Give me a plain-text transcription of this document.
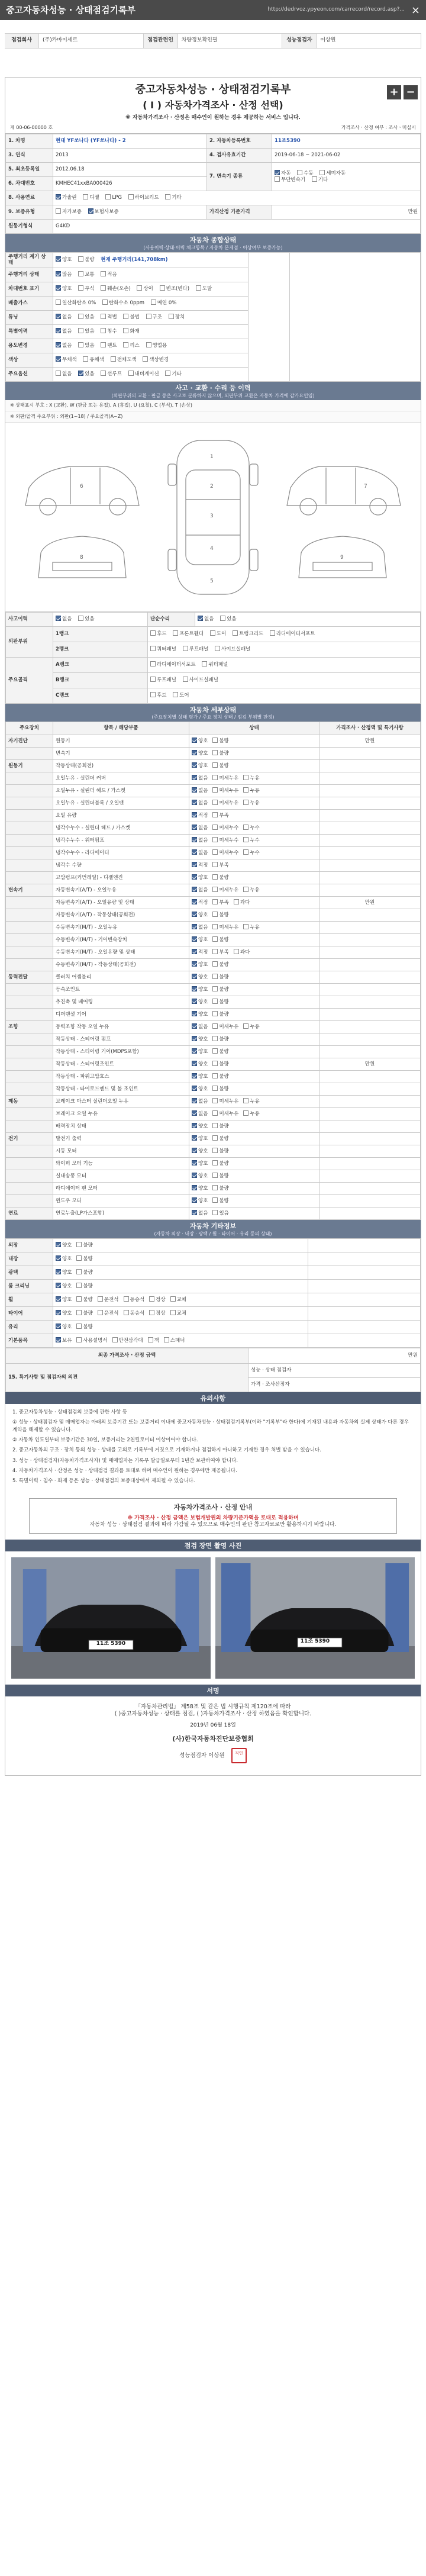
중고자동차성능 · 상태점검기록부	http://dedrvoz.ypyeon.com/carrecord/record.asp?... ×
점검회사	(주)카마이세르	점검관련인	차량정보확인필	성능점검자	이상원
+ −
중고자동차성능 · 상태점검기록부
( Ⅰ ) 자동차가격조사 · 산정 선택)
※ 자동차가격조사 · 산정은 매수인이 원하는 경우 제공하는 서비스 입니다.
제 00-06-00000 호	가격조사 · 산정 여부 : 조사ㆍ미실시
1. 차명	현대 YF쏘나타 (YF쏘나타) - 2	2. 자동차등록번호	11조5390
3. 연식	2013	4. 검사유효기간	2019-06-18 ~ 2021-06-02
5. 최초등록일	2012.06.18	7. 변속기 종류	자동 수동 세미자동
무단변속기 기타
6. 차대번호	KMHEC41xxBA000426		
8. 사용연료	가솔린 디젤 LPG 하이브리드 기타		
9. 보증유형	자가보증 보험사보증	가격산정 기준가격	만원
원동기형식	G4KD		
자동차 종합상태
(사용이력·상태·이력 체크항목 / 자동차 문제점 · 이상여부 보증가능)
주행거리 계기 상태	양호 불량 현재 주행거리(141,708km)		
주행거리 상태	많음 보통 적음		
차대번호 표기	양호 부식 훼손(오손) 상이 변조(변타) 도말		
배출가스	일산화탄소 0% 탄화수소 0ppm 매연 0%		
튜닝	없음 있음 적법 불법 구조 장치		
특별이력	없음 있음 침수 화재		
용도변경	없음 있음 렌트 리스 영업용		
색상	무채색 유채색 전체도색 색상변경		
주요옵션	없음 있음 선루프 내비게이션 기타		
사고 · 교환 · 수리 등 이력
(외판부위의 교환 · 판금 등은 사고로 분류하지 않으며, 외판부위 교환은 자동차 가격에 감가요인임)
※ 상태표시 부호 : X (교환), W (판금 또는 용접), A (흠집), U (요철), C (부식), T (손상)
※ 외판/골격 주요부위 : 외판(1~18) / 주요골격(A~Z)
1
2
3
4
5
6	7
8	9
사고이력	없음 있음	단순수리	없음 있음
외판부위	1랭크	후드 프론트휀더 도어 트렁크리드 라디에이터서포트	
	2랭크	쿼터패널 루프패널 사이드실패널	
주요골격	A랭크	라디에이터서포트 쿼터패널	
	B랭크	루프패널 사이드실패널	
	C랭크	후드 도어	
자동차 세부상태
(주요장치별 상태 평가 / 주요 장치 상태 / 점검 부위별 판정)
주요장치	항목 / 해당부품	상태	가격조사 · 산정액 및 특기사항
자기진단	원동기	양호 불량	만원
	변속기	양호 불량	
원동기	작동상태(공회전)	양호 불량	
	오일누유 - 실린더 커버	없음 미세누유 누유	
	오일누유 - 실린더 헤드 / 가스켓	없음 미세누유 누유	
	오일누유 - 실린더블록 / 오일팬	없음 미세누유 누유	
	오일 유량	적정 부족	
	냉각수누수 - 실린더 헤드 / 가스켓	없음 미세누수 누수	
	냉각수누수 - 워터펌프	없음 미세누수 누수	
	냉각수누수 - 라디에이터	없음 미세누수 누수	
	냉각수 수량	적정 부족	
	고압펌프(커먼레일) - 디젤엔진	양호 불량	
변속기	자동변속기(A/T) - 오일누유	없음 미세누유 누유	
	자동변속기(A/T) - 오일유량 및 상태	적정 부족 과다	만원
	자동변속기(A/T) - 작동상태(공회전)	양호 불량	
	수동변속기(M/T) - 오일누유	없음 미세누유 누유	
	수동변속기(M/T) - 기어변속장치	양호 불량	
	수동변속기(M/T) - 오일유량 및 상태	적정 부족 과다	
	수동변속기(M/T) - 작동상태(공회전)	양호 불량	
동력전달	클러치 어셈블리	양호 불량	
	등속조인트	양호 불량	
	추진축 및 베어링	양호 불량	
	디퍼렌셜 기어	양호 불량	
조향	동력조향 작동 오일 누유	없음 미세누유 누유	
	작동상태 - 스티어링 펌프	양호 불량	
	작동상태 - 스티어링 기어(MDPS포함)	양호 불량	
	작동상태 - 스티어링조인트	양호 불량	만원
	작동상태 - 파워고압호스	양호 불량	
	작동상태 - 타이로드엔드 및 볼 조인트	양호 불량	
제동	브레이크 마스터 실린더오일 누유	없음 미세누유 누유	
	브레이크 오일 누유	없음 미세누유 누유	
	배력장치 상태	양호 불량	
전기	발전기 출력	양호 불량	
	시동 모터	양호 불량	
	와이퍼 모터 기능	양호 불량	
	실내송풍 모터	양호 불량	
	라디에이터 팬 모터	양호 불량	
	윈도우 모터	양호 불량	
연료	연료누출(LP가스포함)	없음 있음	
자동차 기타정보
(자동차 외장 · 내장 · 광택 / 휠 · 타이어 · 유리 등의 상태)
외장	양호 불량	
내장	양호 불량	
광택	양호 불량	
룸 크리닝	양호 불량	
휠	양호 불량 운전석 동승석 정상 교체	
타이어	양호 불량 운전석 동승석 정상 교체	
유리	양호 불량	
기본품목	보유 사용설명서 안전삼각대 잭 스패너	
최종 가격조사 · 산정 금액	만원
15. 특기사항 및 점검자의 의견	성능 · 상태 점검자
	가격 · 조사산정자
유의사항

1. 중고자동차성능 · 상태점검의 보증에 관한 사항 등

① 성능 · 상태점검자 및 매매업자는 아래의 보증기간 또는 보증거리 이내에 중고자동차성능 · 상태점검기록부(이하 "기록부"라 한다)에 기재된 내용과 자동차의 실제 상태가 다른 경우 계약을 해제할 수 있습니다.

② 자동차 인도일부터 보증기간은 30일, 보증거리는 2천킬로미터 이상이어야 합니다.

2. 중고자동차의 구조 · 장치 등의 성능 · 상태를 고의로 기록부에 거짓으로 기재하거나 점검하지 아니하고 기재한 경우 처벌 받을 수 있습니다.

3. 성능 · 상태점검자(자동차가격조사자) 및 매매업자는 기록부 발급일로부터 1년간 보관하여야 합니다.

4. 자동차가격조사 · 산정은 성능 · 상태점검 결과를 토대로 하며 매수인이 원하는 경우에만 제공됩니다.

5. 특별이력 · 침수 · 화재 등은 성능 · 상태점검의 보증대상에서 제외될 수 있습니다.

자동차가격조사 · 산정 안내
※ 가격조사 · 산정 금액은 보험개발원의 차량기준가액을 토대로 적용하며
자동차 성능 · 상태점검 결과에 따라 가감될 수 있으므로 매수인의 판단 참고자료로만 활용하시기 바랍니다.
점검 장면 촬영 사진
11조 5390	11조 5390
서명
「자동차관리법」 제58조 및 같은 법 시행규칙 제120조에 따라
( )중고자동차성능 · 상태를 점검, ( )자동차가격조사 · 산정 하였음을 확인합니다.
2019년 06월 18일
(사)한국자동차진단보증협회
성능점검자 이상원 직인
